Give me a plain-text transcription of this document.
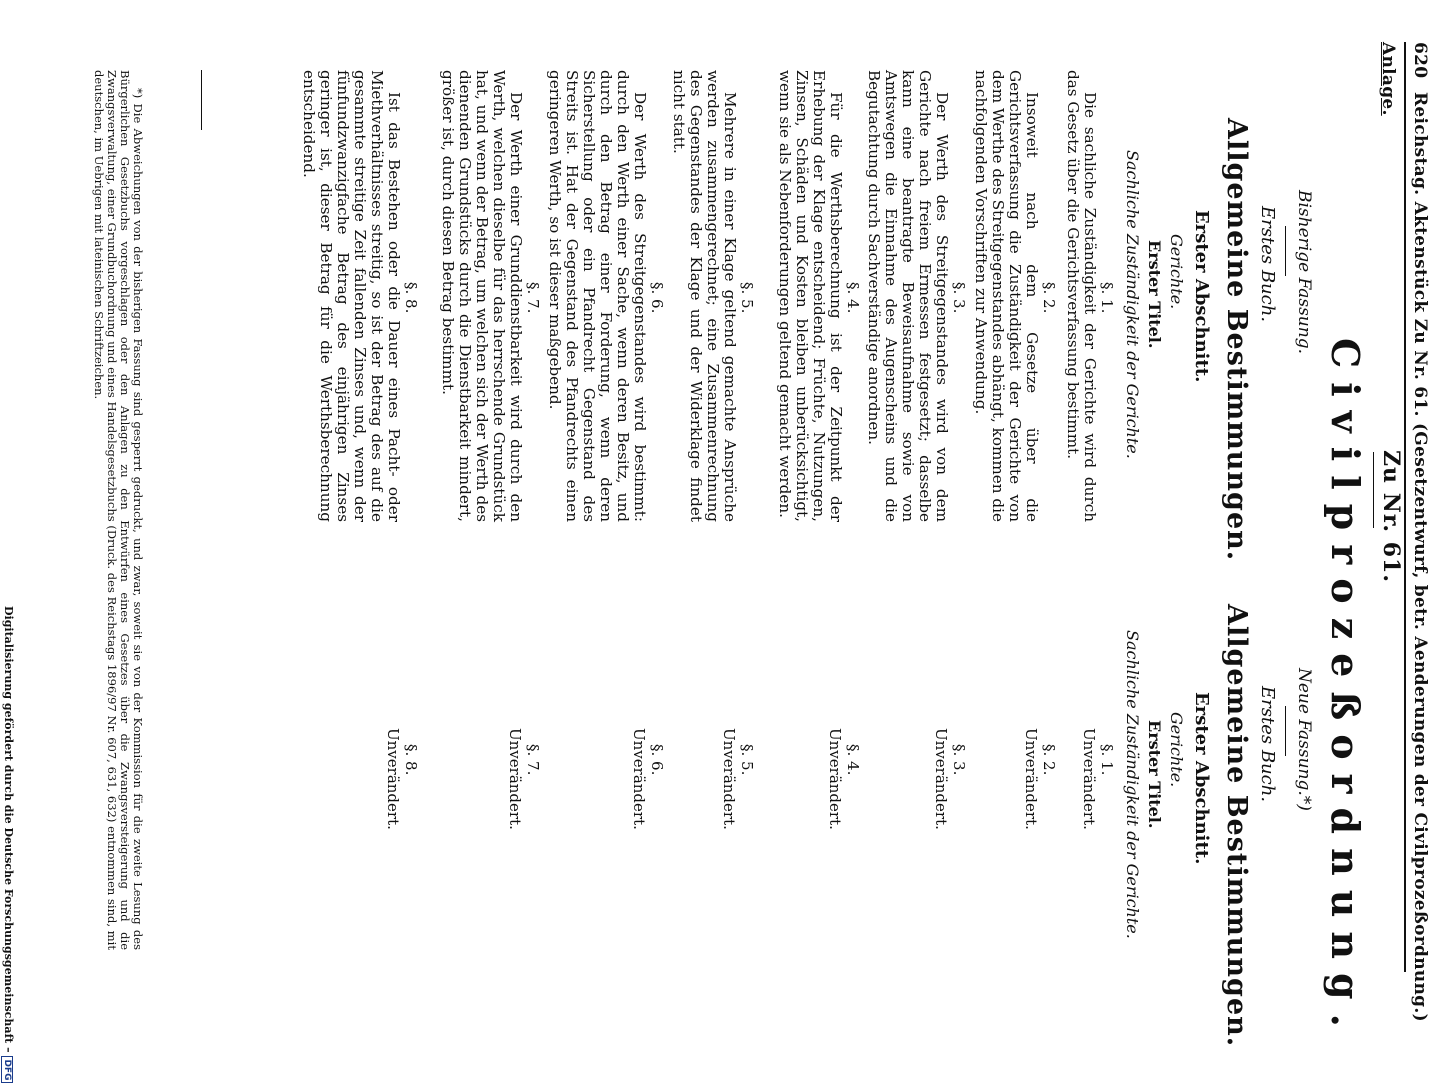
Digitalisierung gefördert durch die Deutsche Forschungsgemeinschaft – DFG
620
Reichstag. Aktenstück Zu Nr. 61. (Gesetzentwurf, betr. Aenderungen der Civilprozeßordnung.)
Anlage.
Zu Nr. 61.
Civilprozeßordnung.
Bisherige Fassung.
Neue Fassung.*)
Erstes Buch.
Erstes Buch.
Allgemeine Bestimmungen.
Allgemeine Bestimmungen.
Erster Abschnitt.
Erster Abschnitt.
Gerichte.
Gerichte.
Erster Titel.
Erster Titel.
Sachliche Zuständigkeit der Gerichte.
Sachliche Zuständigkeit der Gerichte.
§. 1.
Die sachliche Zuständigkeit der Gerichte wird durch das Gesetz über die Gerichtsverfassung bestimmt.
§. 2.
Insoweit nach dem Gesetze über die Gerichtsverfassung die Zuständigkeit der Gerichte von dem Werthe des Streitgegenstandes abhängt, kommen die nachfolgenden Vorschriften zur Anwendung.
§. 3.
Der Werth des Streitgegenstandes wird von dem Gerichte nach freiem Ermessen festgesetzt; dasselbe kann eine beantragte Beweisaufnahme sowie von Amtswegen die Einnahme des Augenscheins und die Begutachtung durch Sachverständige anordnen.
§. 4.
Für die Werthsberechnung ist der Zeitpunkt der Erhebung der Klage entscheidend; Früchte, Nutzungen, Zinsen, Schäden und Kosten bleiben unberücksichtigt, wenn sie als Nebenforderungen geltend gemacht werden.
§. 5.
Mehrere in einer Klage geltend gemachte Ansprüche werden zusammengerechnet; eine Zusammenrechnung des Gegenstandes der Klage und der Widerklage findet nicht statt.
§. 6.
Der Werth des Streitgegenstandes wird bestimmt: durch den Werth einer Sache, wenn deren Besitz, und durch den Betrag einer Forderung, wenn deren Sicherstellung oder ein Pfandrecht Gegenstand des Streits ist. Hat der Gegenstand des Pfandrechts einen geringeren Werth, so ist dieser maßgebend.
§. 7.
Der Werth einer Grunddienstbarkeit wird durch den Werth, welchen dieselbe für das herrschende Grundstück hat, und wenn der Betrag, um welchen sich der Werth des dienenden Grundstücks durch die Dienstbarkeit mindert, größer ist, durch diesen Betrag bestimmt.
§. 8.
Ist das Bestehen oder die Dauer eines Pacht- oder Miethverhältnisses streitig, so ist der Betrag des auf die gesammte streitige Zeit fallenden Zinses und, wenn der fünfundzwanzigfache Betrag des einjährigen Zinses geringer ist, dieser Betrag für die Werthsberechnung entscheidend.
§. 1.
Unverändert.
§. 2.
Unverändert.
§. 3.
Unverändert.
§. 4.
Unverändert.
§. 5.
Unverändert.
§. 6.
Unverändert.
§. 7.
Unverändert.
§. 8.
Unverändert.
*) Die Abweichungen von der bisherigen Fassung sind gesperrt gedruckt, und zwar, soweit sie von der Kommission für die zweite Lesung des Bürgerlichen Gesetzbuchs vorgeschlagen oder den Anlagen zu den Entwürfen eines Gesetzes über die Zwangsversteigerung und die Zwangsverwaltung, einer Grundbuchordnung und eines Handelsgesetzbuchs (Druck. des Reichstags 1896/97 Nr. 607, 631, 632) entnommen sind, mit deutschen, im Uebrigen mit lateinischen Schriftzeichen.
